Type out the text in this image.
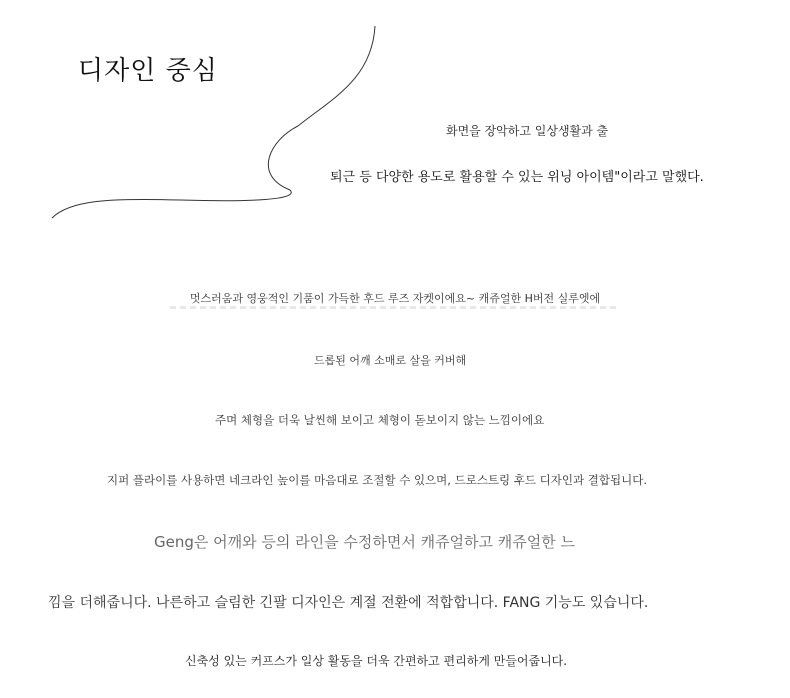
디자인 중심
화면을 장악하고 일상생활과 출
퇴근 등 다양한 용도로 활용할 수 있는 위닝 아이템"이라고 말했다.
멋스러움과 영웅적인 기품이 가득한 후드 루즈 자켓이에요~ 캐쥬얼한 H버전 실루엣에
드롭된 어깨 소매로 살을 커버해
주며 체형을 더욱 날씬해 보이고 체형이 돋보이지 않는 느낌이에요
지퍼 플라이를 사용하면 네크라인 높이를 마음대로 조절할 수 있으며, 드로스트링 후드 디자인과 결합됩니다.
Geng은 어깨와 등의 라인을 수정하면서 캐쥬얼하고 캐쥬얼한 느
낌을 더해줍니다. 나른하고 슬림한 긴팔 디자인은 계절 전환에 적합합니다. FANG 기능도 있습니다.
신축성 있는 커프스가 일상 활동을 더욱 간편하고 편리하게 만들어줍니다.
